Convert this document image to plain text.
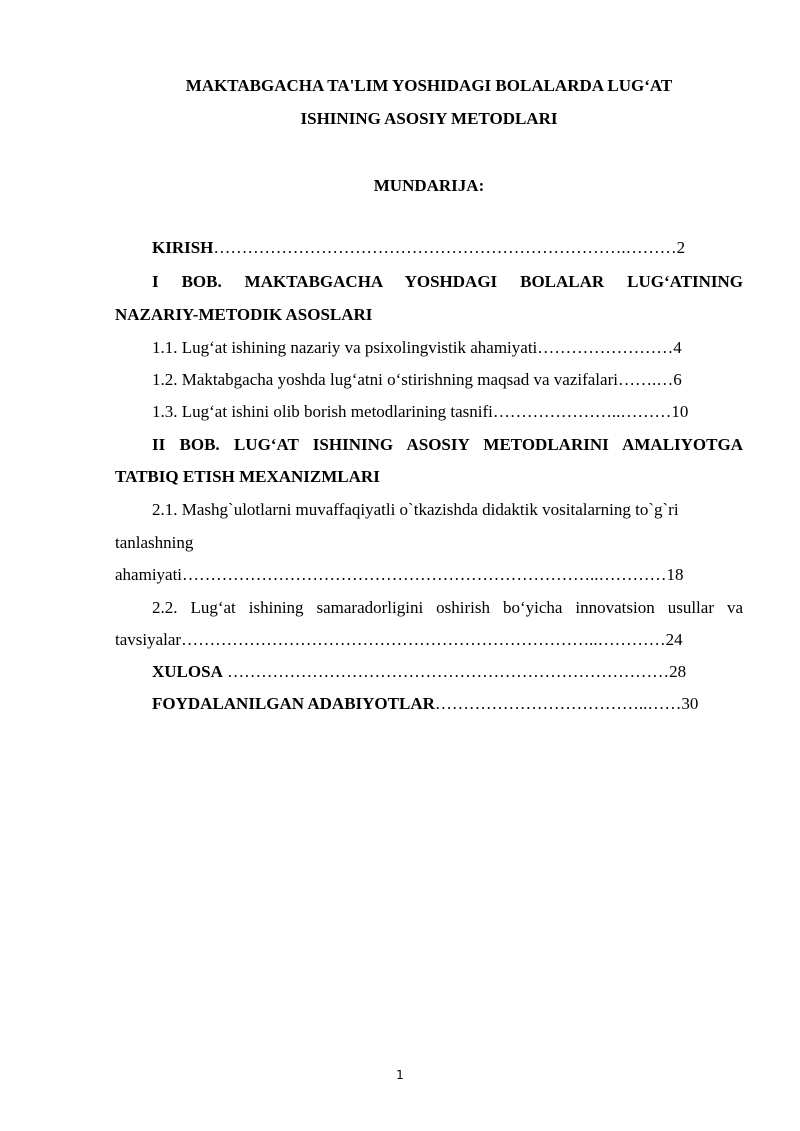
MAKTABGACHA TA'LIM YOSHIDAGI BOLALARDA LUG‘AT
ISHINING ASOSIY METODLARI
MUNDARIJA:
KIRISH……………………………………………………………….………2
I BOB. MAKTABGACHA YOSHDAGI BOLALAR LUG‘ATINING
NAZARIY-METODIK ASOSLARI
1.1. Lug‘at ishining nazariy va psixolingvistik ahamiyati……………………4
1.2. Maktabgacha yoshda lug‘atni o‘stirishning maqsad va vazifalari…….…6
1.3. Lug‘at ishini olib borish metodlarining tasnifi…………………..………10
II BOB. LUG‘AT ISHINING ASOSIY METODLARINI AMALIYOTGA
TATBIQ ETISH MEXANIZMLARI
2.1. Mashg`ulotlarni muvaffaqiyatli o`tkazishda didaktik vositalarning to`g`ri
tanlashning
ahamiyati………………………………………………………………..…………18
2.2. Lug‘at ishining samaradorligini oshirish bo‘yicha innovatsion usullar va
tavsiyalar………………………………………………………………..…………24
XULOSA ……………………………………………………………………28
FOYDALANILGAN ADABIYOTLAR………………………………..……30
1
